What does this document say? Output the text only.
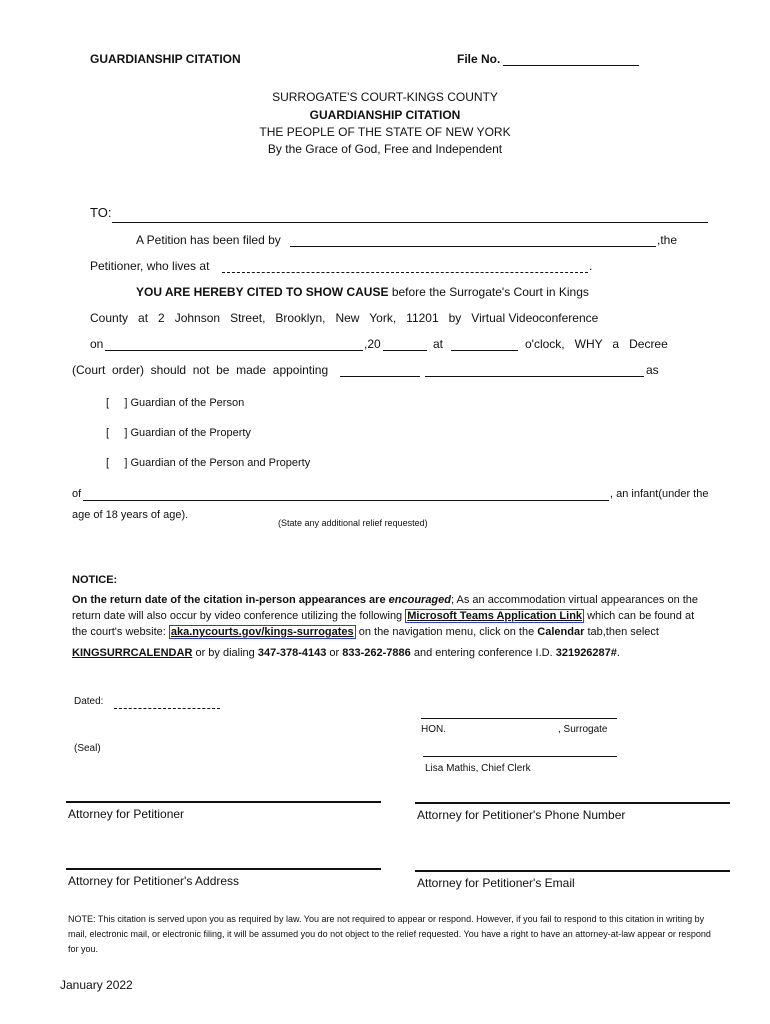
GUARDIANSHIP CITATION	File No.
SURROGATE'S COURT-KINGS COUNTY
GUARDIANSHIP CITATION
THE PEOPLE OF THE STATE OF NEW YORK
By the Grace of God, Free and Independent
TO:
A Petition has been filed by	,the
Petitioner, who lives at	.
YOU ARE HEREBY CITED TO SHOW CAUSE before the Surrogate's Court in Kings
County   at   2   Johnson   Street,   Brooklyn,   New   York,   11201   by   Virtual Videoconference
on	,20	at	o'clock,   WHY   a   Decree
(Court  order)  should  not  be  made  appointing	as
[     ] Guardian of the Person
[     ] Guardian of the Property
[     ] Guardian of the Person and Property
of	, an infant(under the
age of 18 years of age).
(State any additional relief requested)
NOTICE:
On the return date of the citation in-person appearances are encouraged; As an accommodation virtual appearances on the
return date will also occur by video conference utilizing the following Microsoft Teams Application Link which can be found at
the court's website: aka.nycourts.gov/kings-surrogates on the navigation menu, click on the Calendar tab,then select
KINGSURRCALENDAR or by dialing 347-378-4143 or 833-262-7886 and entering conference I.D. 321926287#.
Dated:
HON.	, Surrogate
(Seal)
Lisa Mathis, Chief Clerk
Attorney for Petitioner	Attorney for Petitioner's Phone Number
Attorney for Petitioner's Address	Attorney for Petitioner's Email
NOTE: This citation is served upon you as required by law. You are not required to appear or respond. However, if you fail to respond to this citation in writing by mail, electronic mail, or electronic filing, it will be assumed you do not object to the relief requested. You have a right to have an attorney-at-law appear or respond for you.
January 2022
